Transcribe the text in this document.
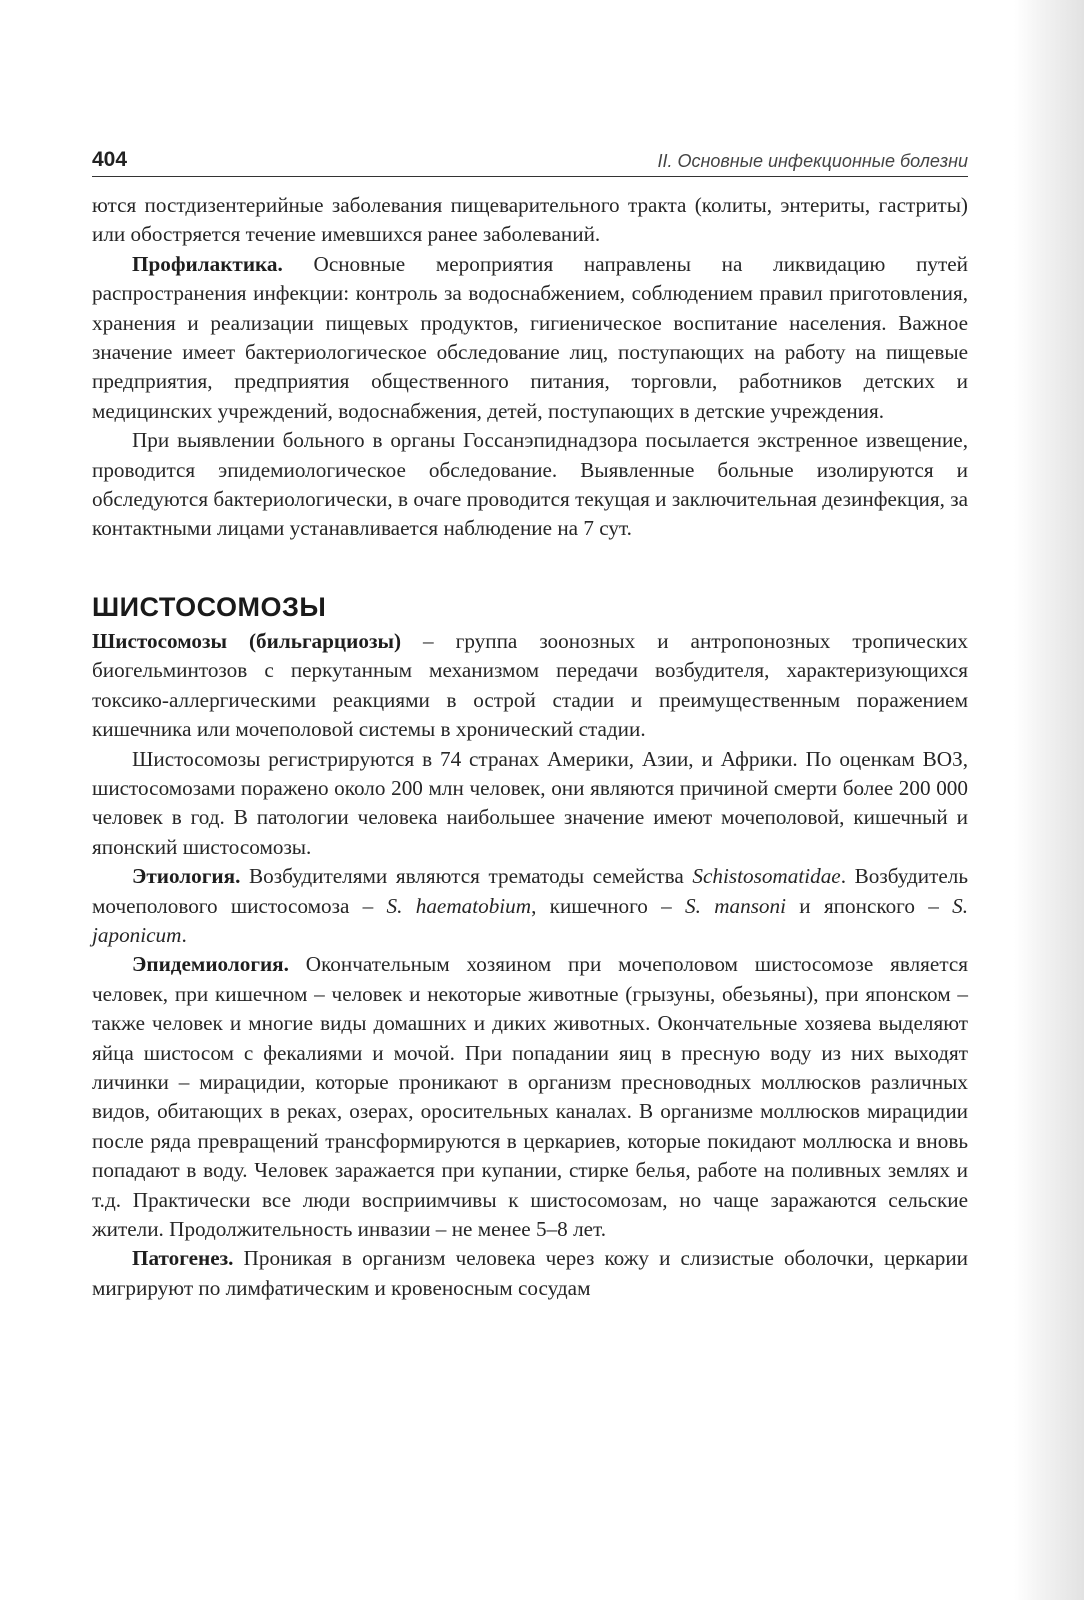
404	II. Основные инфекционные болезни

ются постдизентерийные заболевания пищеварительного тракта (колиты, энтериты, гастриты) или обостряется течение имевшихся ранее заболеваний.

Профилактика. Основные мероприятия направлены на ликвидацию путей распространения инфекции: контроль за водоснабжением, соблюдением правил приготовления, хранения и реализации пищевых продуктов, гигиеническое воспитание населения. Важное значение имеет бактериологическое обследование лиц, поступающих на работу на пищевые предприятия, предприятия общественного питания, торговли, работников детских и медицинских учреждений, водоснабжения, детей, поступающих в детские учреждения.

При выявлении больного в органы Госсанэпиднадзора посылается экстренное извещение, проводится эпидемиологическое обследование. Выявленные больные изолируются и обследуются бактериологически, в очаге проводится текущая и заключительная дезинфекция, за контактными лицами устанавливается наблюдение на 7 сут.

ШИСТОСОМОЗЫ

Шистосомозы (бильгарциозы) – группа зоонозных и антропонозных тропических биогельминтозов с перкутанным механизмом передачи возбудителя, характеризующихся токсико-аллергическими реакциями в острой стадии и преимущественным поражением кишечника или мочеполовой системы в хронический стадии.

Шистосомозы регистрируются в 74 странах Америки, Азии, и Африки. По оценкам ВОЗ, шистосомозами поражено около 200 млн человек, они являются причиной смерти более 200 000 человек в год. В патологии человека наибольшее значение имеют мочеполовой, кишечный и японский шистосомозы.

Этиология. Возбудителями являются трематоды семейства Schistosomatidae. Возбудитель мочеполового шистосомоза – S. haematobium, кишечного – S. mansoni и японского – S. japonicum.

Эпидемиология. Окончательным хозяином при мочеполовом шистосомозе является человек, при кишечном – человек и некоторые животные (грызуны, обезьяны), при японском – также человек и многие виды домашних и диких животных. Окончательные хозяева выделяют яйца шистосом с фекалиями и мочой. При попадании яиц в пресную воду из них выходят личинки – мирацидии, которые проникают в организм пресноводных моллюсков различных видов, обитающих в реках, озерах, оросительных каналах. В организме моллюсков мирацидии после ряда превращений трансформируются в церкариев, которые покидают моллюска и вновь попадают в воду. Человек заражается при купании, стирке белья, работе на поливных землях и т.д. Практически все люди восприимчивы к шистосомозам, но чаще заражаются сельские жители. Продолжительность инвазии – не менее 5–8 лет.

Патогенез. Проникая в организм человека через кожу и слизистые оболочки, церкарии мигрируют по лимфатическим и кровеносным сосудам
